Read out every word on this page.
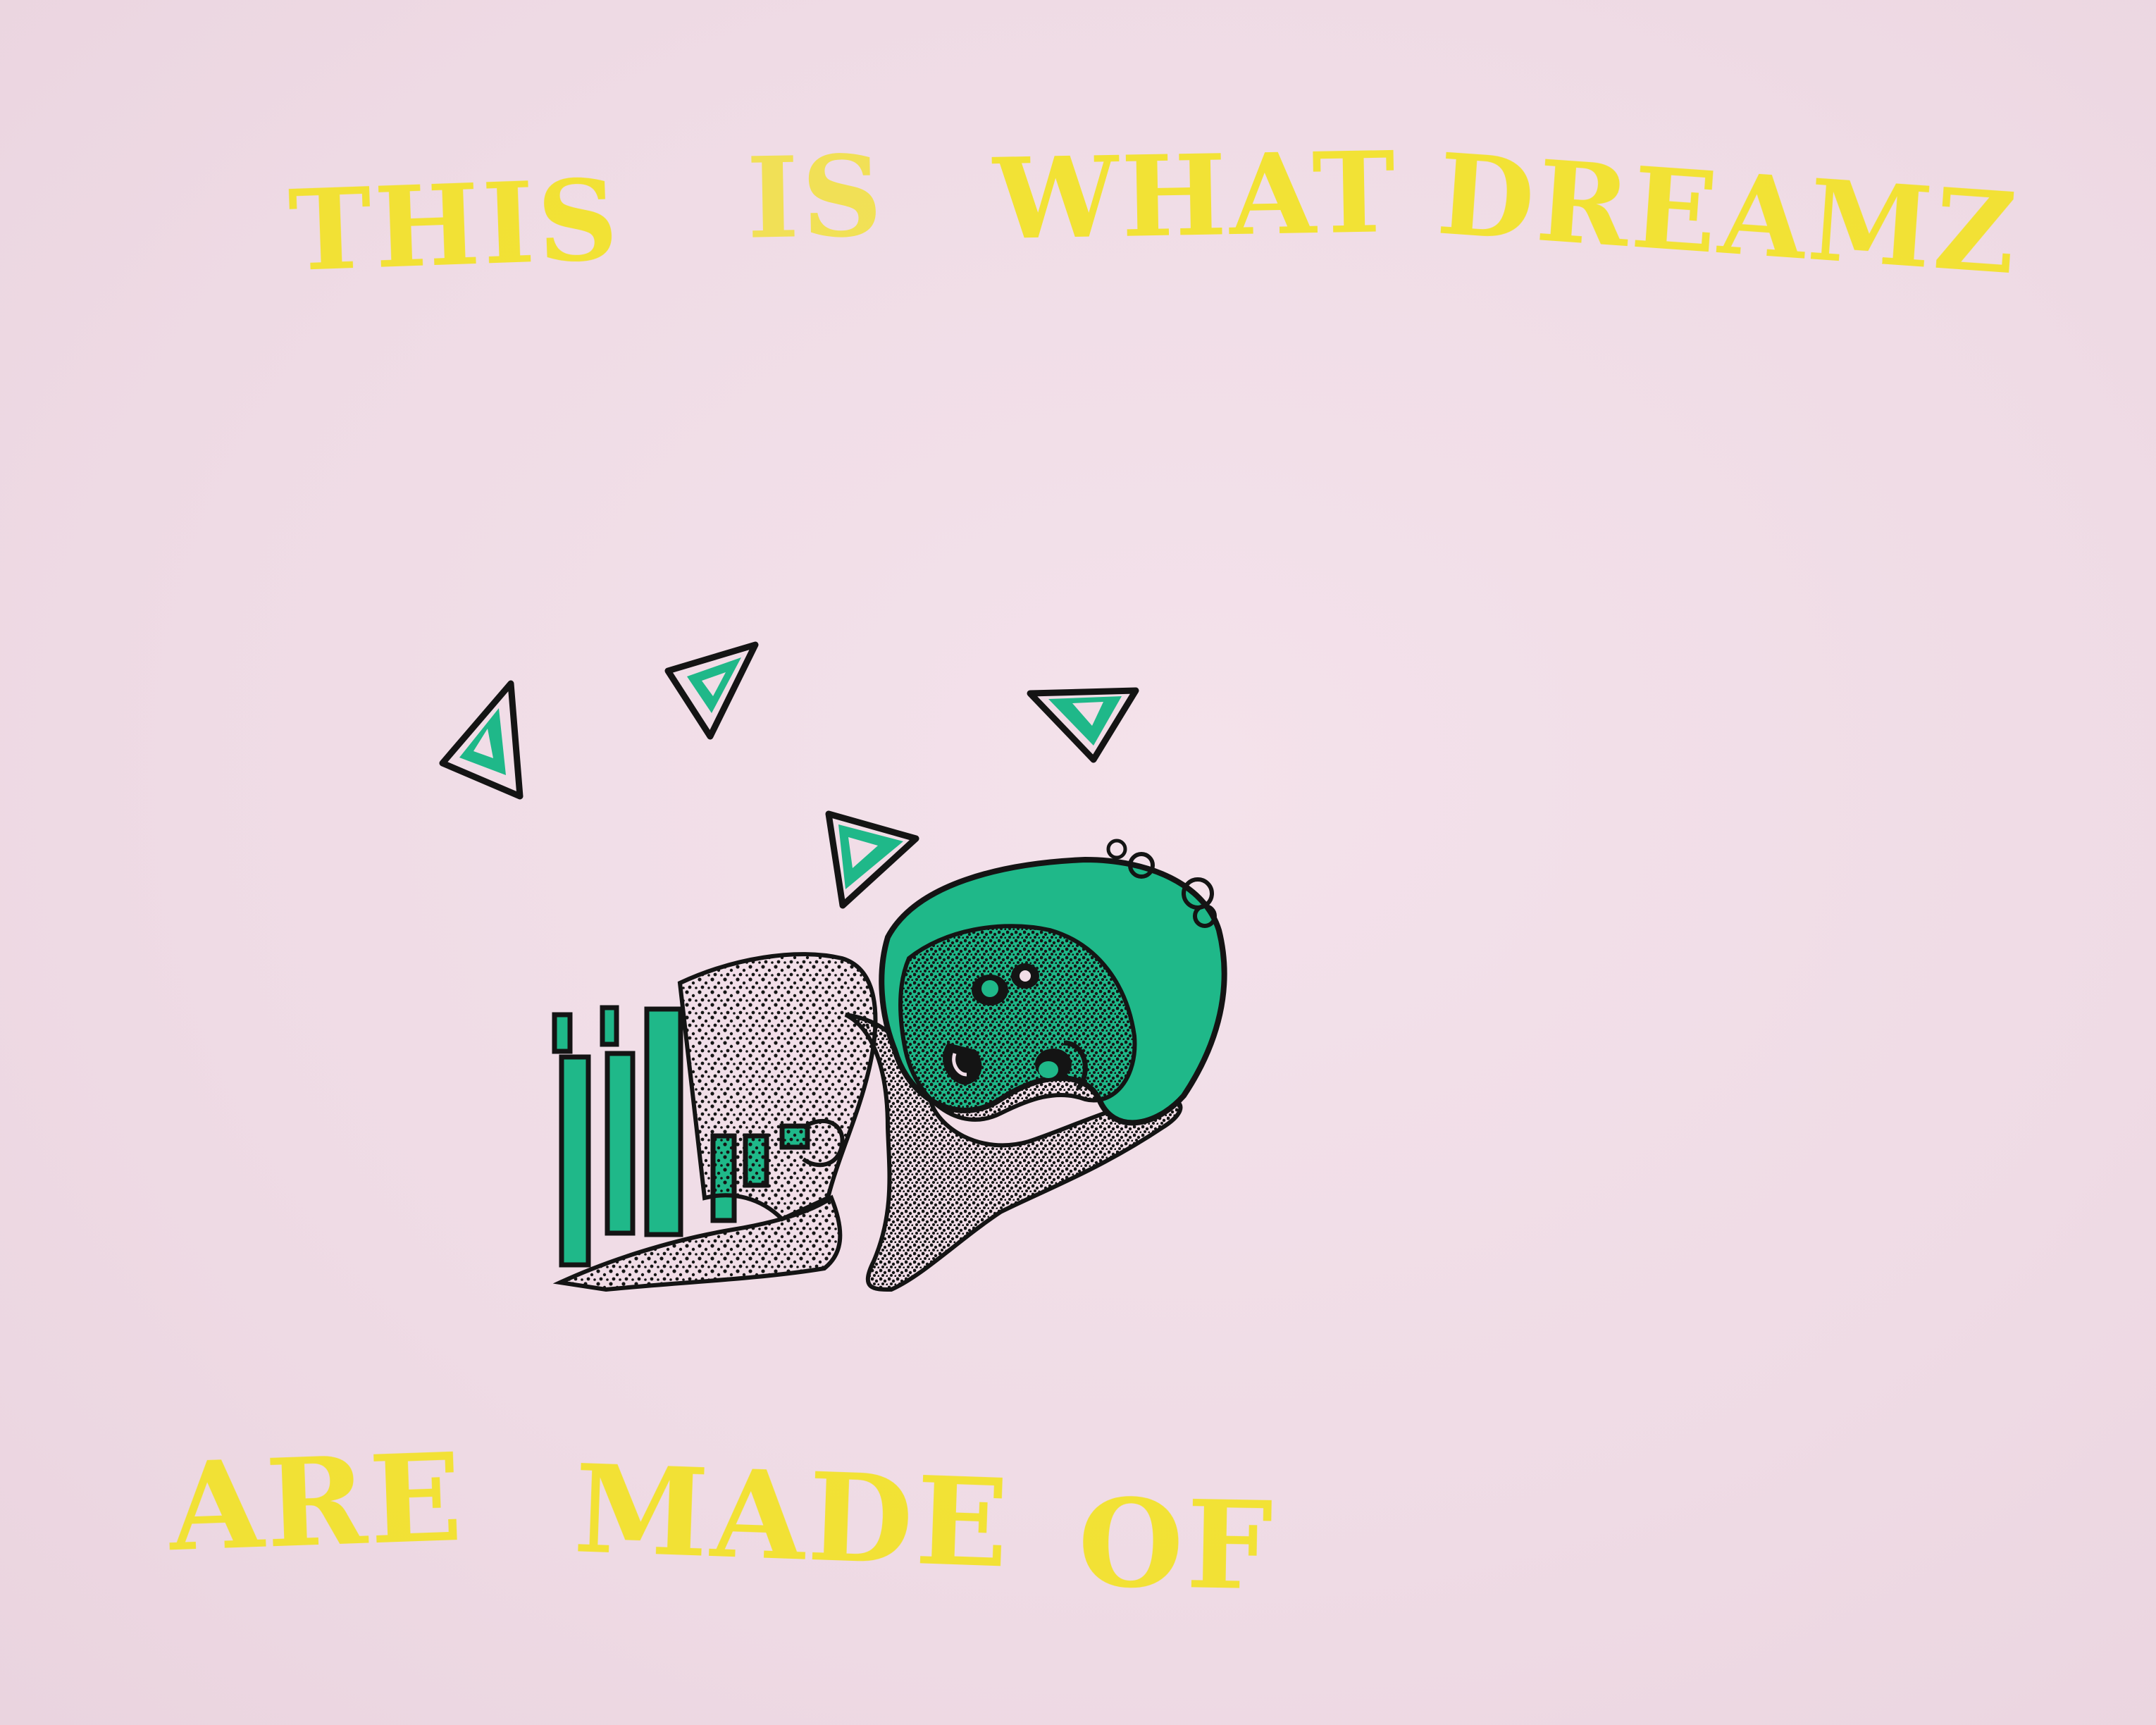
THIS IS WHAT DREAMZ
ARE MADE OF
